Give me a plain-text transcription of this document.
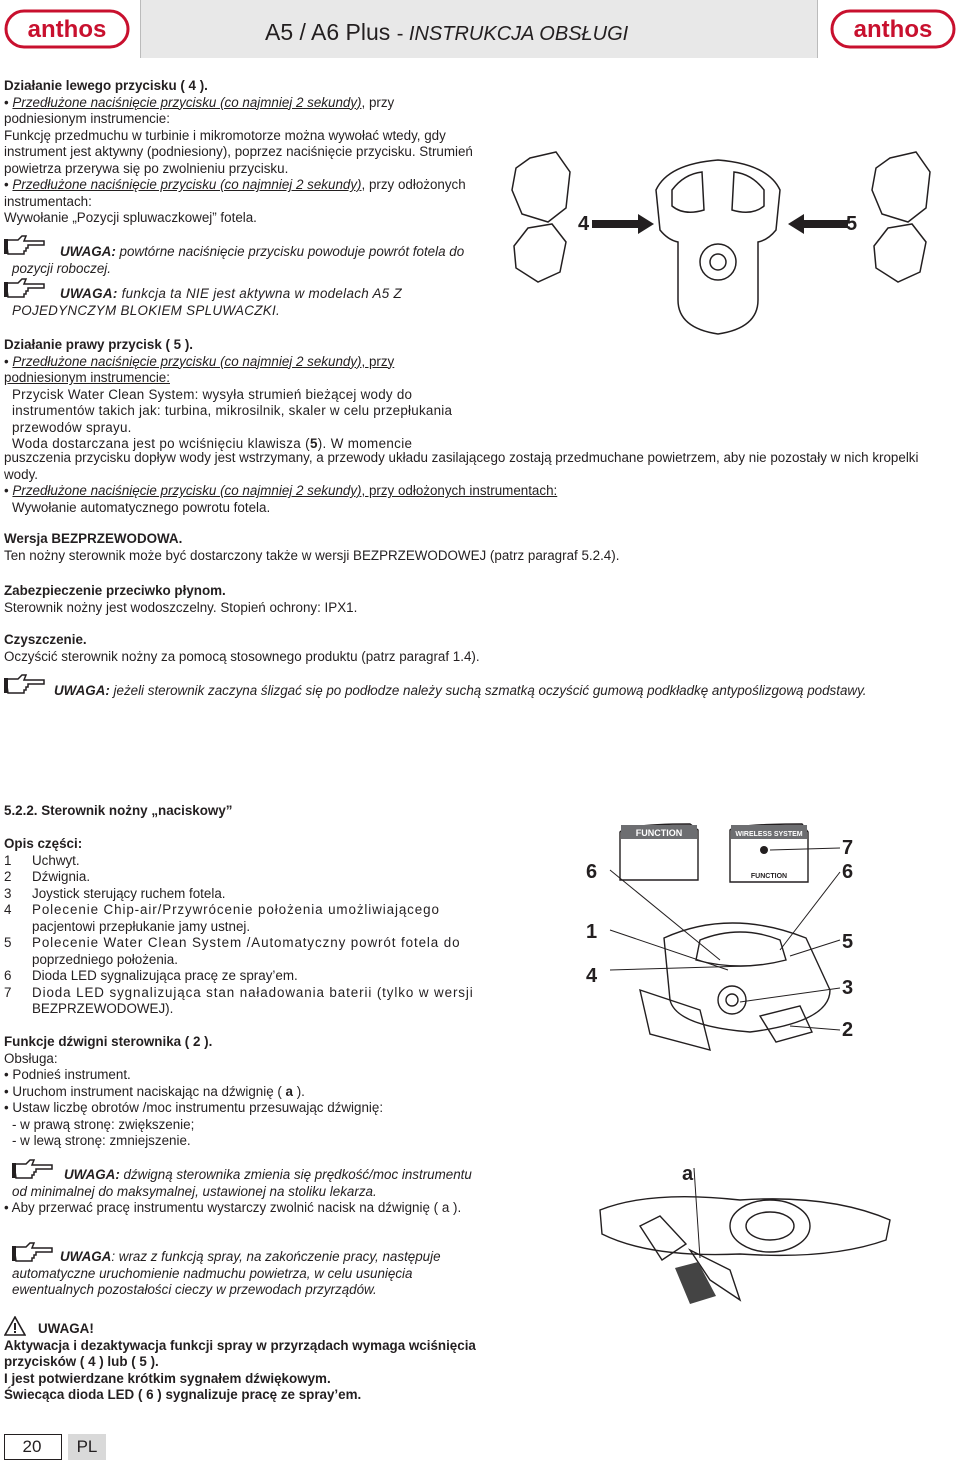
anthos	A5 / A6 Plus - INSTRUKCJA OBSŁUGI	anthos

Działanie lewego przycisku ( 4 ).

• Przedłużone naciśnięcie przycisku (co najmniej 2 sekundy), przy podniesionym instrumencie:

Funkcję przedmuchu w turbinie i mikromotorze można wywołać wtedy, gdy instrument jest aktywny (podniesiony), poprzez naciśnięcie przycisku. Strumień powietrza przerywa się po zwolnieniu przycisku.

• Przedłużone naciśnięcie przycisku (co najmniej 2 sekundy), przy odłożonych instrumentach:

Wywołanie „Pozycji spluwaczkowej” fotela.

UWAGA: powtórne naciśnięcie przycisku powoduje powrót fotela do pozycji roboczej.

UWAGA: funkcja ta NIE jest aktywna w modelach A5 Z POJEDYNCZYM BLOKIEM SPLUWACZKI.

4	5

Działanie prawy przycisk ( 5 ).

• Przedłużone naciśnięcie przycisku (co najmniej 2 sekundy), przy podniesionym instrumencie:

Przycisk Water Clean System: wysyła strumień bieżącej wody do instrumentów takich jak: turbina, mikrosilnik, skaler w celu przepłukania przewodów sprayu.

Woda dostarczana jest po wciśnięciu klawisza (5). W momencie

puszczenia przycisku dopływ wody jest wstrzymany, a przewody układu zasilającego zostają przedmuchane powietrzem, aby nie pozostały w nich kropelki wody.

• Przedłużone naciśnięcie przycisku (co najmniej 2 sekundy), przy odłożonych instrumentach:

Wywołanie automatycznego powrotu fotela.

Wersja BEZPRZEWODOWA.

Ten nożny sterownik może być dostarczony także w wersji BEZPRZEWODOWEJ (patrz paragraf 5.2.4).

Zabezpieczenie przeciwko płynom.

Sterownik nożny jest wodoszczelny. Stopień ochrony: IPX1.

Czyszczenie.

Oczyścić sterownik nożny za pomocą stosownego produktu (patrz paragraf 1.4).

UWAGA: jeżeli sterownik zaczyna ślizgać się po podłodze należy suchą szmatką oczyścić gumową podkładkę antypoślizgową podstawy.

5.2.2. Sterownik nożny „naciskowy”

Opis części:

1 Uchwyt.

2 Dźwignia.

3 Joystick sterujący ruchem fotela.

4 Polecenie Chip-air/Przywrócenie położenia umożliwiającego

pacjentowi przepłukanie jamy ustnej.

5 Polecenie Water Clean System /Automatyczny powrót fotela do

poprzedniego położenia.

6 Dioda LED sygnalizująca pracę ze spray’em.

7 Dioda LED sygnalizująca stan naładowania baterii (tylko w wersji

BEZPRZEWODOWEJ).

FUNCTION	WIRELESS SYSTEM
FUNCTION
6
1
4
7
6
5
3
2

Funkcje dźwigni sterownika ( 2 ).

Obsługa:

• Podnieś instrument.

• Uruchom instrument naciskając na dźwignię ( a ).

• Ustaw liczbę obrotów /moc instrumentu przesuwając dźwignię:

- w prawą stronę: zwiększenie;

- w lewą stronę: zmniejszenie.

UWAGA: dźwigną sterownika zmienia się prędkość/moc instrumentu od minimalnej do maksymalnej, ustawionej na stoliku lekarza.

• Aby przerwać pracę instrumentu wystarczy zwolnić nacisk na dźwignię ( a ).

UWAGA: wraz z funkcją spray, na zakończenie pracy, następuje automatyczne uruchomienie nadmuchu powietrza, w celu usunięcia ewentualnych pozostałości cieczy w przewodach przyrządów.

a

UWAGA!

Aktywacja i dezaktywacja funkcji spray w przyrządach wymaga wciśnięcia przycisków ( 4 ) lub ( 5 ).

I jest potwierdzane krótkim sygnałem dźwiękowym.

Świecąca dioda LED ( 6 ) sygnalizuje pracę ze spray’em.

20	PL
